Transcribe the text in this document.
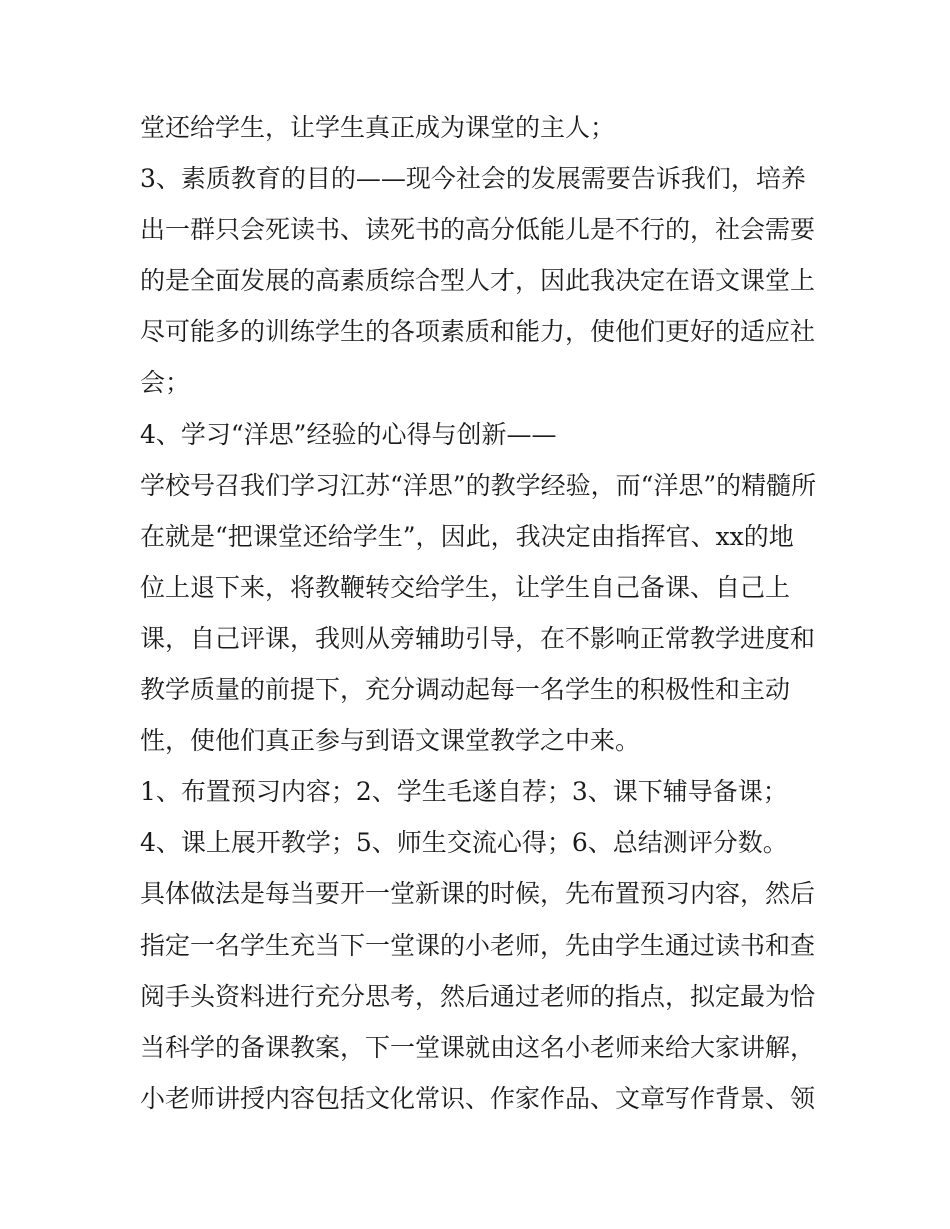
堂还给学生，让学生真正成为课堂的主人；
3、素质教育的目的——现今社会的发展需要告诉我们，培养
出一群只会死读书、读死书的高分低能儿是不行的，社会需要
的是全面发展的高素质综合型人才，因此我决定在语文课堂上
尽可能多的训练学生的各项素质和能力，使他们更好的适应社
会；
4、学习“洋思”经验的心得与创新——
学校号召我们学习江苏“洋思”的教学经验，而“洋思”的精髓所
在就是“把课堂还给学生”，因此，我决定由指挥官、xx的地
位上退下来，将教鞭转交给学生，让学生自己备课、自己上
课，自己评课，我则从旁辅助引导，在不影响正常教学进度和
教学质量的前提下，充分调动起每一名学生的积极性和主动
性，使他们真正参与到语文课堂教学之中来。
1、布置预习内容；2、学生毛遂自荐；3、课下辅导备课；
4、课上展开教学；5、师生交流心得；6、总结测评分数。
具体做法是每当要开一堂新课的时候，先布置预习内容，然后
指定一名学生充当下一堂课的小老师，先由学生通过读书和查
阅手头资料进行充分思考，然后通过老师的指点，拟定最为恰
当科学的备课教案，下一堂课就由这名小老师来给大家讲解，
小老师讲授内容包括文化常识、作家作品、文章写作背景、领
